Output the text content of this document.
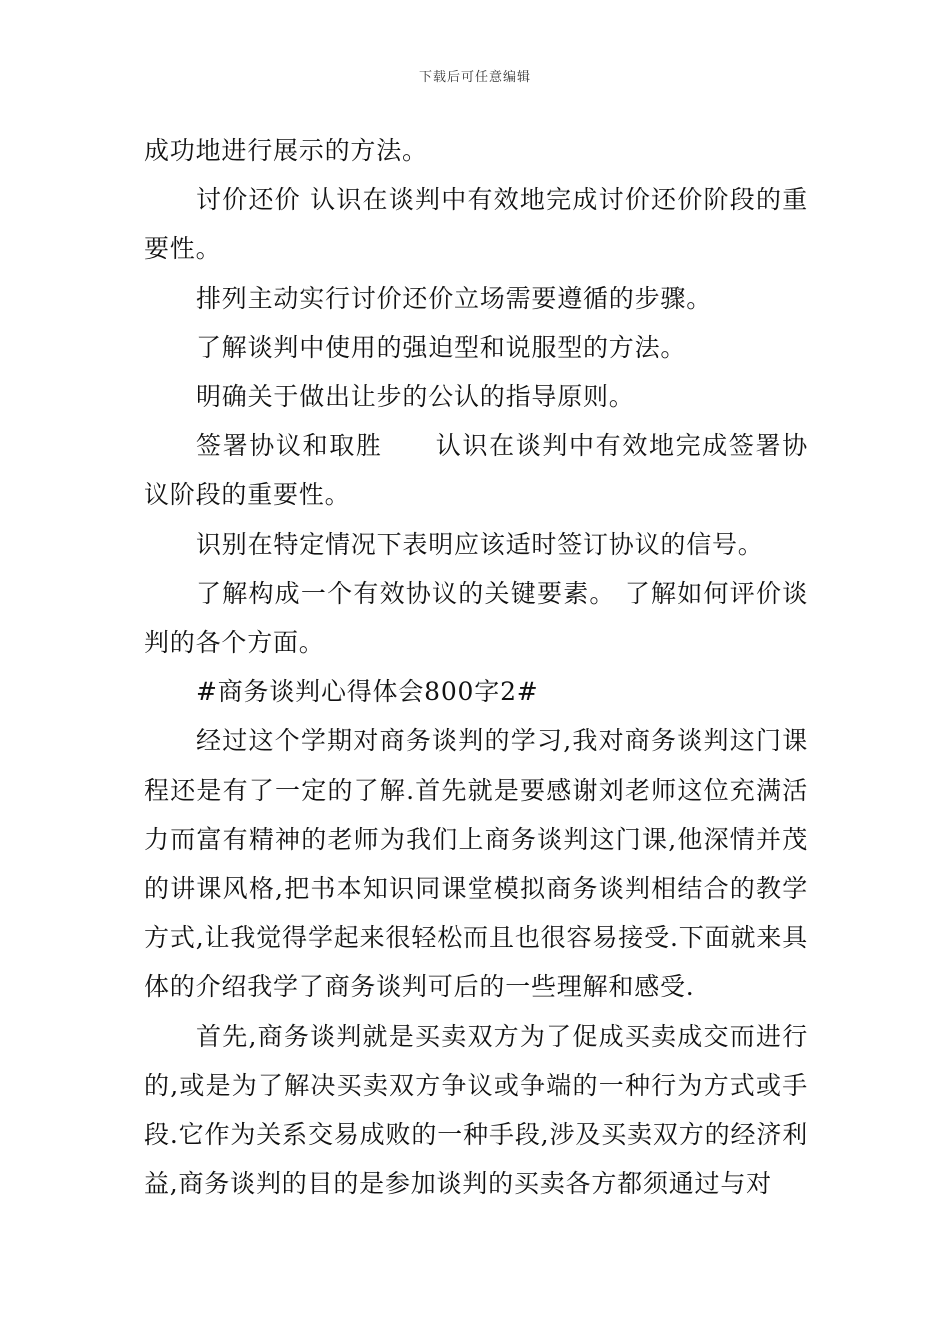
下载后可任意编辑

成功地进行展示的方法。

讨价还价 认识在谈判中有效地完成讨价还价阶段的重要性。

排列主动实行讨价还价立场需要遵循的步骤。

了解谈判中使用的强迫型和说服型的方法。

明确关于做出让步的公认的指导原则。

签署协议和取胜　　认识在谈判中有效地完成签署协议阶段的重要性。

识别在特定情况下表明应该适时签订协议的信号。

了解构成一个有效协议的关键要素。 了解如何评价谈判的各个方面。

#商务谈判心得体会800字2#

经过这个学期对商务谈判的学习,我对商务谈判这门课程还是有了一定的了解.首先就是要感谢刘老师这位充满活力而富有精神的老师为我们上商务谈判这门课,他深情并茂的讲课风格,把书本知识同课堂模拟商务谈判相结合的教学方式,让我觉得学起来很轻松而且也很容易接受.下面就来具体的介绍我学了商务谈判可后的一些理解和感受.

首先,商务谈判就是买卖双方为了促成买卖成交而进行的,或是为了解决买卖双方争议或争端的一种行为方式或手段.它作为关系交易成败的一种手段,涉及买卖双方的经济利益,商务谈判的目的是参加谈判的买卖各方都须通过与对
